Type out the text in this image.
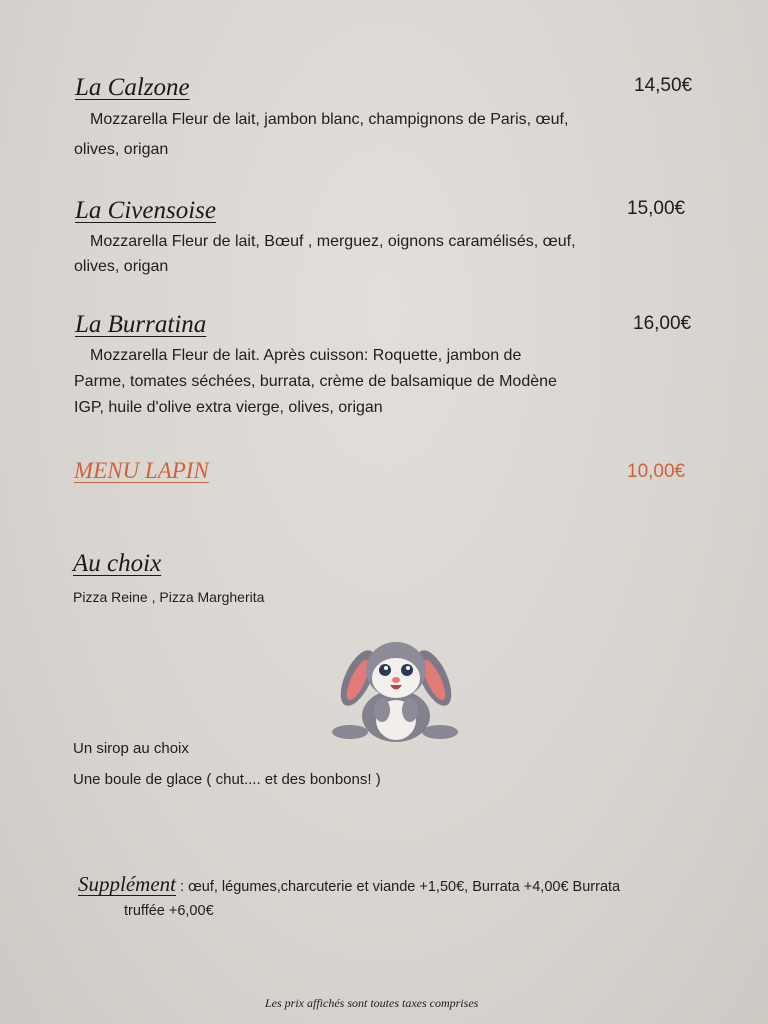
La Calzone	14,50€
Mozzarella Fleur de lait, jambon blanc, champignons de Paris, œuf,
olives, origan
La Civensoise	15,00€
Mozzarella Fleur de lait, Bœuf , merguez, oignons caramélisés, œuf,
olives, origan
La Burratina	16,00€
Mozzarella Fleur de lait. Après cuisson: Roquette, jambon de
Parme, tomates séchées, burrata, crème de balsamique de Modène
IGP, huile d'olive extra vierge, olives, origan
MENU LAPIN	10,00€
Au choix
Pizza Reine , Pizza Margherita
Un sirop au choix
Une boule de glace ( chut.... et des bonbons! )
Supplément : œuf, légumes,charcuterie et viande +1,50€, Burrata +4,00€ Burrata
truffée +6,00€
Les prix affichés sont toutes taxes comprises
